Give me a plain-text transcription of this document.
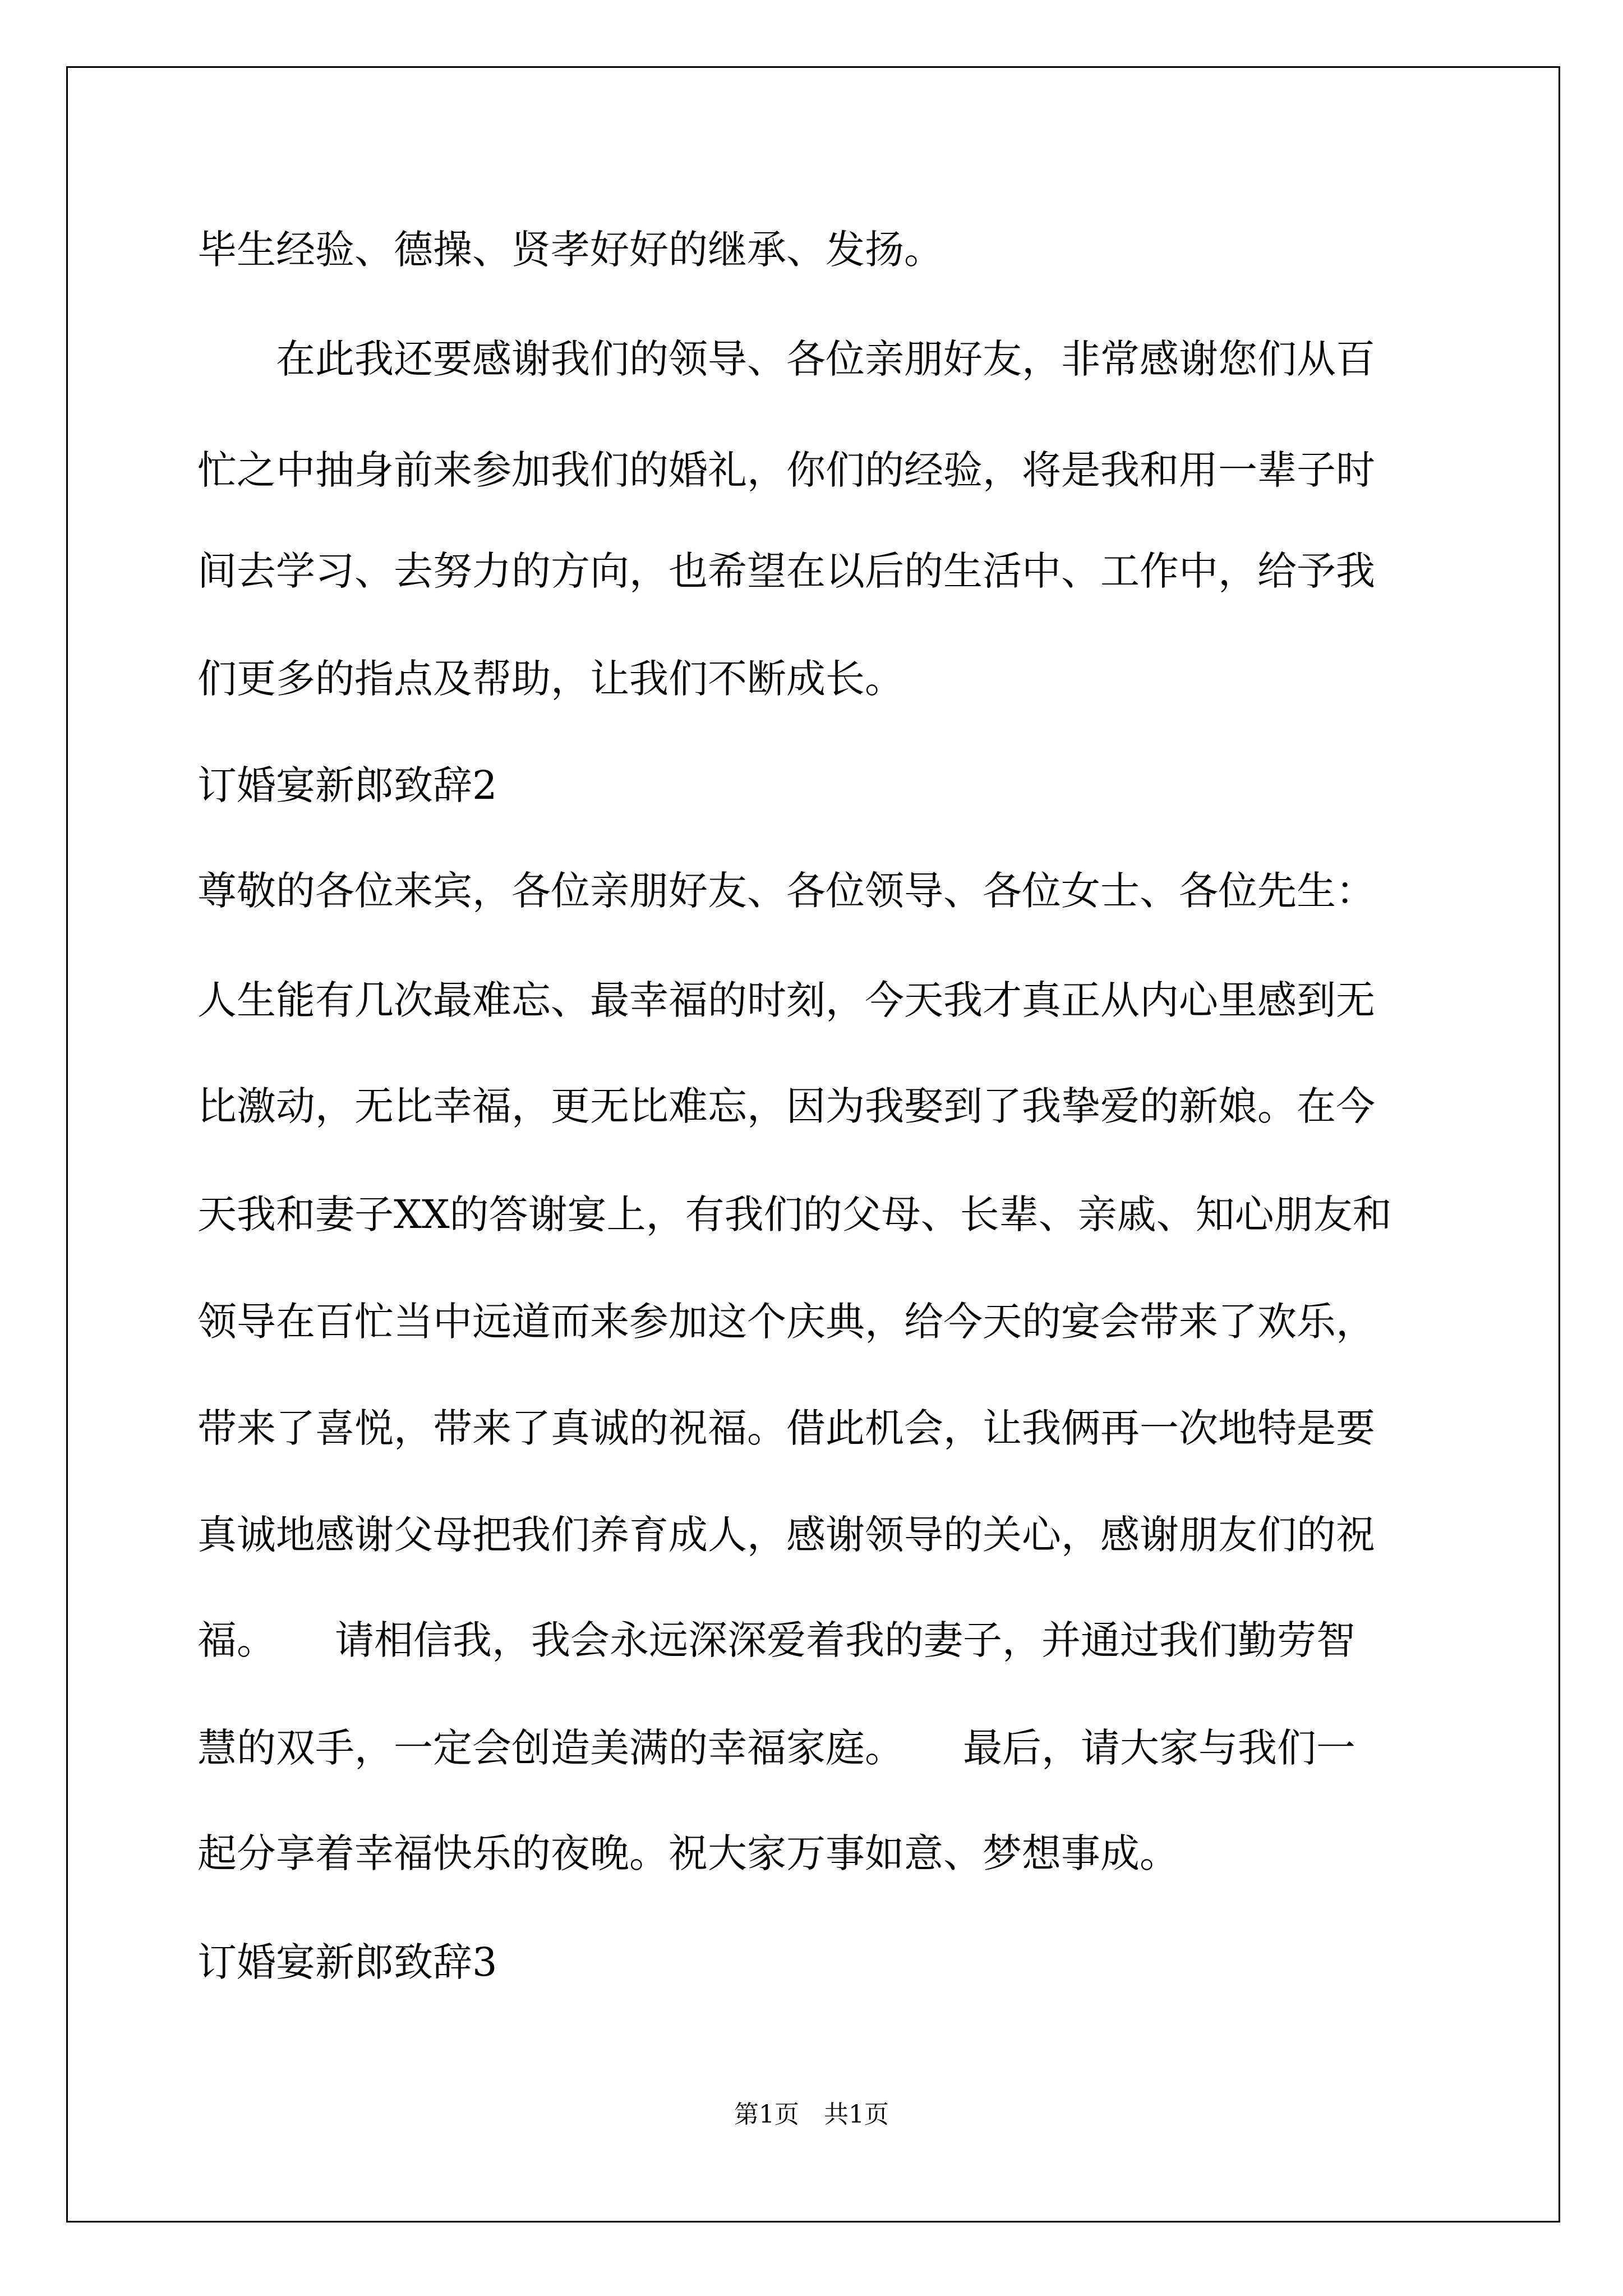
毕生经验、德操、贤孝好好的继承、发扬。
　　在此我还要感谢我们的领导、各位亲朋好友，非常感谢您们从百
忙之中抽身前来参加我们的婚礼，你们的经验，将是我和用一辈子时
间去学习、去努力的方向，也希望在以后的生活中、工作中，给予我
们更多的指点及帮助，让我们不断成长。
订婚宴新郎致辞2
尊敬的各位来宾，各位亲朋好友、各位领导、各位女士、各位先生：
人生能有几次最难忘、最幸福的时刻，今天我才真正从内心里感到无
比激动，无比幸福，更无比难忘，因为我娶到了我挚爱的新娘。在今
天我和妻子XX的答谢宴上，有我们的父母、长辈、亲戚、知心朋友和
领导在百忙当中远道而来参加这个庆典，给今天的宴会带来了欢乐，
带来了喜悦，带来了真诚的祝福。借此机会，让我俩再一次地特是要
真诚地感谢父母把我们养育成人，感谢领导的关心，感谢朋友们的祝
福。　　请相信我，我会永远深深爱着我的妻子，并通过我们勤劳智
慧的双手，一定会创造美满的幸福家庭。　　最后，请大家与我们一
起分享着幸福快乐的夜晚。祝大家万事如意、梦想事成。
订婚宴新郎致辞3
第1页　共1页
